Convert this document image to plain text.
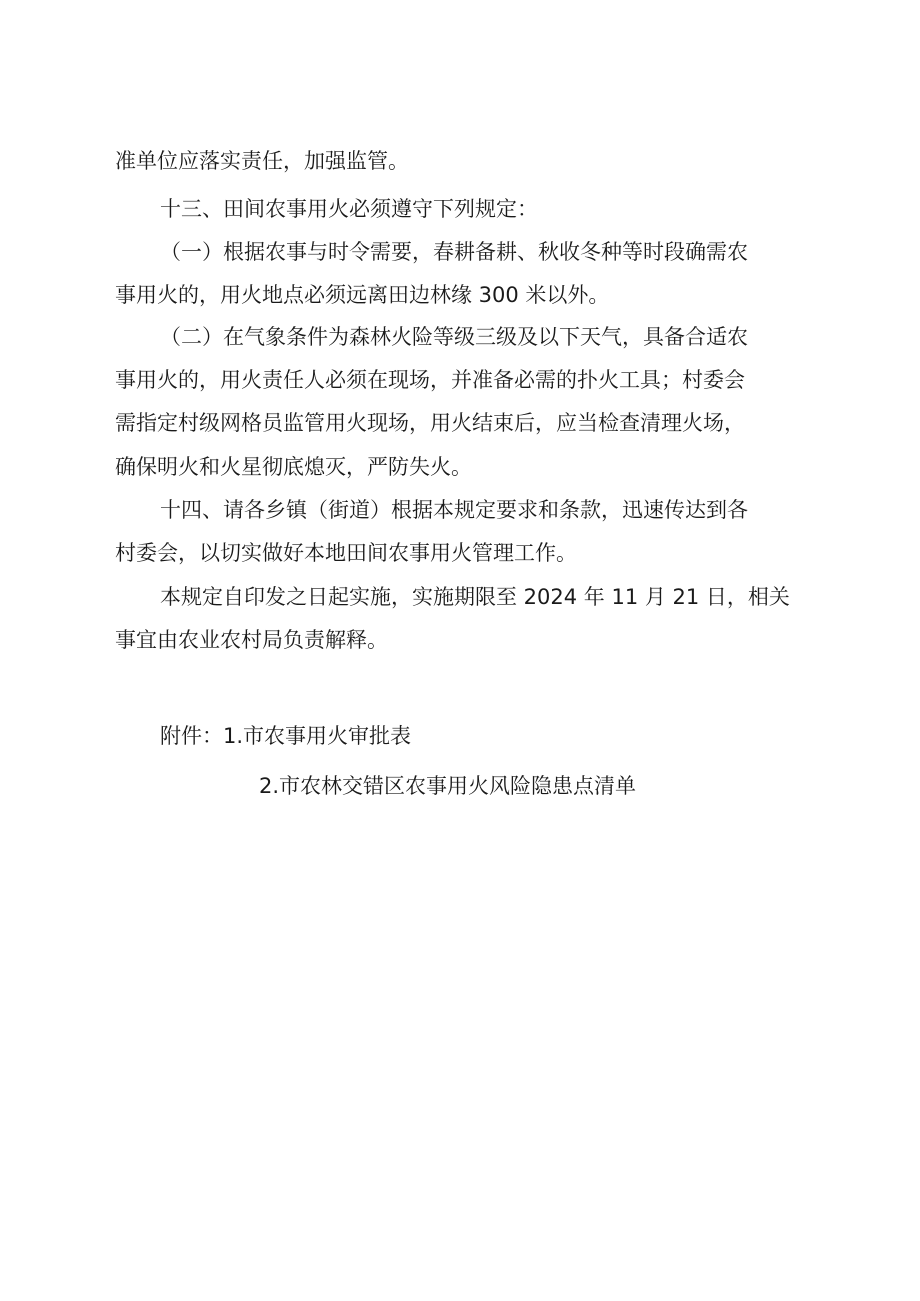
准单位应落实责任，加强监管。
十三、田间农事用火必须遵守下列规定：
（一）根据农事与时令需要，春耕备耕、秋收冬种等时段确需农
事用火的，用火地点必须远离田边林缘 300 米以外。
（二）在气象条件为森林火险等级三级及以下天气，具备合适农
事用火的，用火责任人必须在现场，并准备必需的扑火工具；村委会
需指定村级网格员监管用火现场，用火结束后，应当检查清理火场，
确保明火和火星彻底熄灭，严防失火。
十四、请各乡镇（街道）根据本规定要求和条款，迅速传达到各
村委会，以切实做好本地田间农事用火管理工作。
本规定自印发之日起实施，实施期限至 2024 年 11 月 21 日，相关
事宜由农业农村局负责解释。
附件：1.市农事用火审批表
2.市农林交错区农事用火风险隐患点清单
